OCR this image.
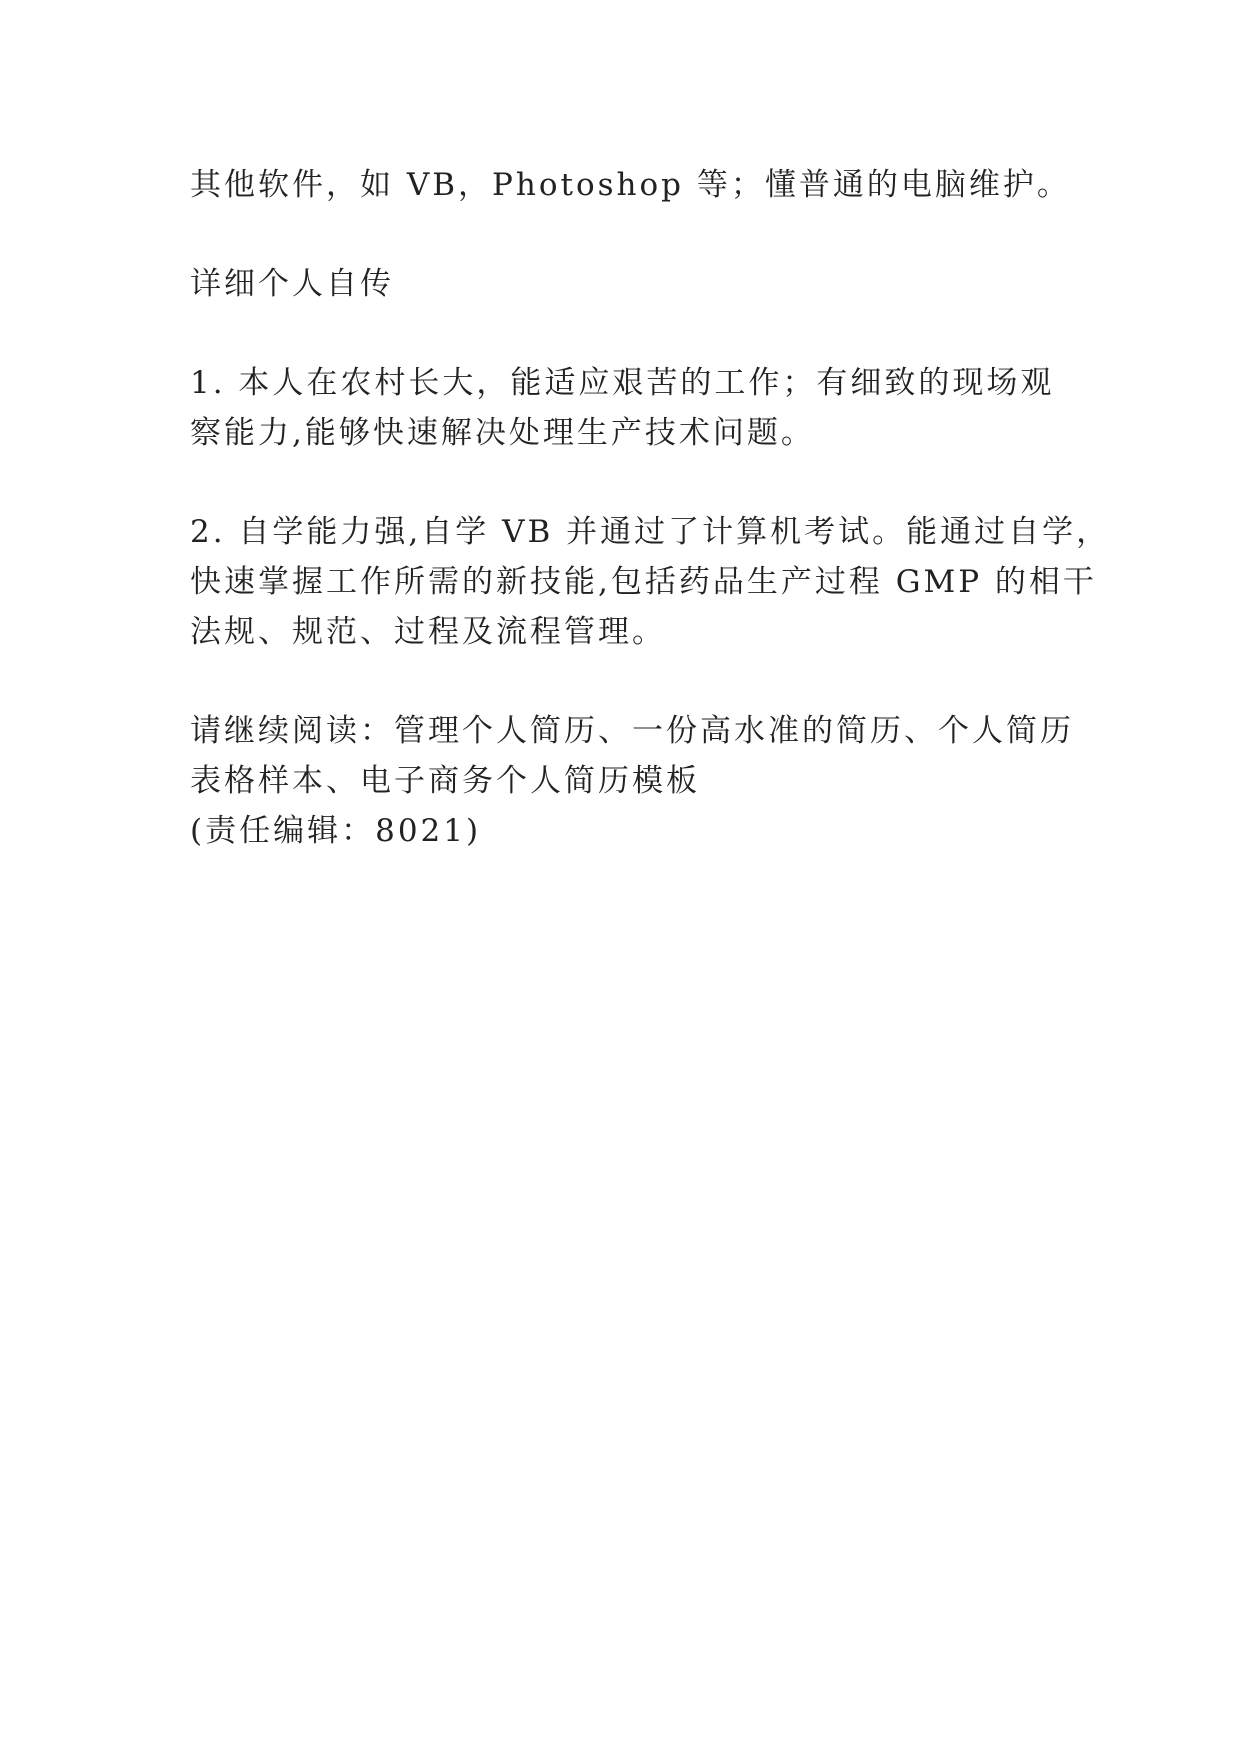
其他软件，如 VB，Photoshop 等；懂普通的电脑维护。

详细个人自传

1. 本人在农村长大，能适应艰苦的工作；有细致的现场观
察能力,能够快速解决处理生产技术问题。

2. 自学能力强,自学 VB 并通过了计算机考试。能通过自学，
快速掌握工作所需的新技能,包括药品生产过程 GMP 的相干
法规、规范、过程及流程管理。

请继续阅读：管理个人简历、一份高水准的简历、个人简历
表格样本、电子商务个人简历模板
(责任编辑：8021)
